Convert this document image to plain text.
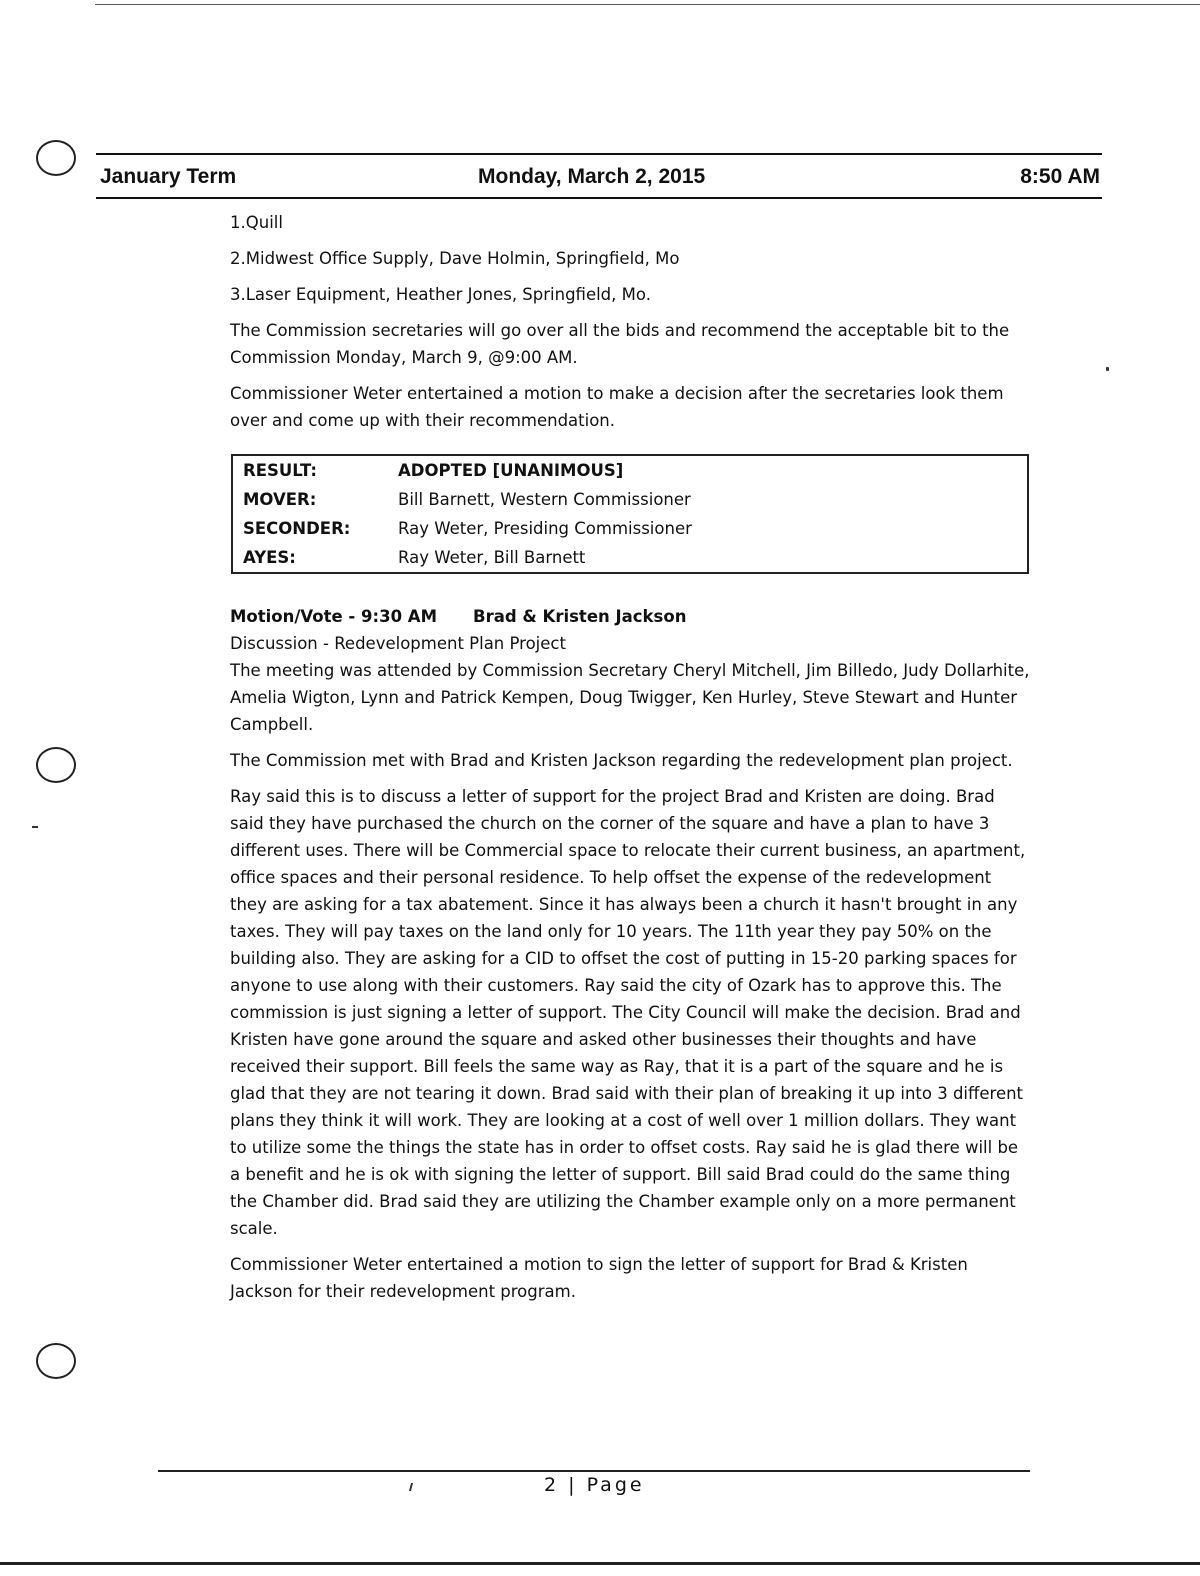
January Term	Monday, March 2, 2015	8:50 AM

1.Quill

2.Midwest Office Supply, Dave Holmin, Springfield, Mo

3.Laser Equipment, Heather Jones, Springfield, Mo.

The Commission secretaries will go over all the bids and recommend the acceptable bit to the Commission Monday, March 9, @9:00 AM.

Commissioner Weter entertained a motion to make a decision after the secretaries look them over and come up with their recommendation.

RESULT:	ADOPTED [UNANIMOUS]
MOVER:	Bill Barnett, Western Commissioner
SECONDER:	Ray Weter, Presiding Commissioner
AYES:	Ray Weter, Bill Barnett
Motion/Vote - 9:30 AM Brad & Kristen Jackson
Discussion - Redevelopment Plan Project

The meeting was attended by Commission Secretary Cheryl Mitchell, Jim Billedo, Judy Dollarhite, Amelia Wigton, Lynn and Patrick Kempen, Doug Twigger, Ken Hurley, Steve Stewart and Hunter Campbell.

The Commission met with Brad and Kristen Jackson regarding the redevelopment plan project.

Ray said this is to discuss a letter of support for the project Brad and Kristen are doing. Brad said they have purchased the church on the corner of the square and have a plan to have 3 different uses. There will be Commercial space to relocate their current business, an apartment, office spaces and their personal residence. To help offset the expense of the redevelopment they are asking for a tax abatement. Since it has always been a church it hasn't brought in any taxes. They will pay taxes on the land only for 10 years. The 11th year they pay 50% on the building also. They are asking for a CID to offset the cost of putting in 15-20 parking spaces for anyone to use along with their customers. Ray said the city of Ozark has to approve this. The commission is just signing a letter of support. The City Council will make the decision. Brad and Kristen have gone around the square and asked other businesses their thoughts and have received their support. Bill feels the same way as Ray, that it is a part of the square and he is glad that they are not tearing it down. Brad said with their plan of breaking it up into 3 different plans they think it will work. They are looking at a cost of well over 1 million dollars. They want to utilize some the things the state has in order to offset costs. Ray said he is glad there will be a benefit and he is ok with signing the letter of support. Bill said Brad could do the same thing the Chamber did. Brad said they are utilizing the Chamber example only on a more permanent scale.

Commissioner Weter entertained a motion to sign the letter of support for Brad & Kristen Jackson for their redevelopment program.

2 | Page
